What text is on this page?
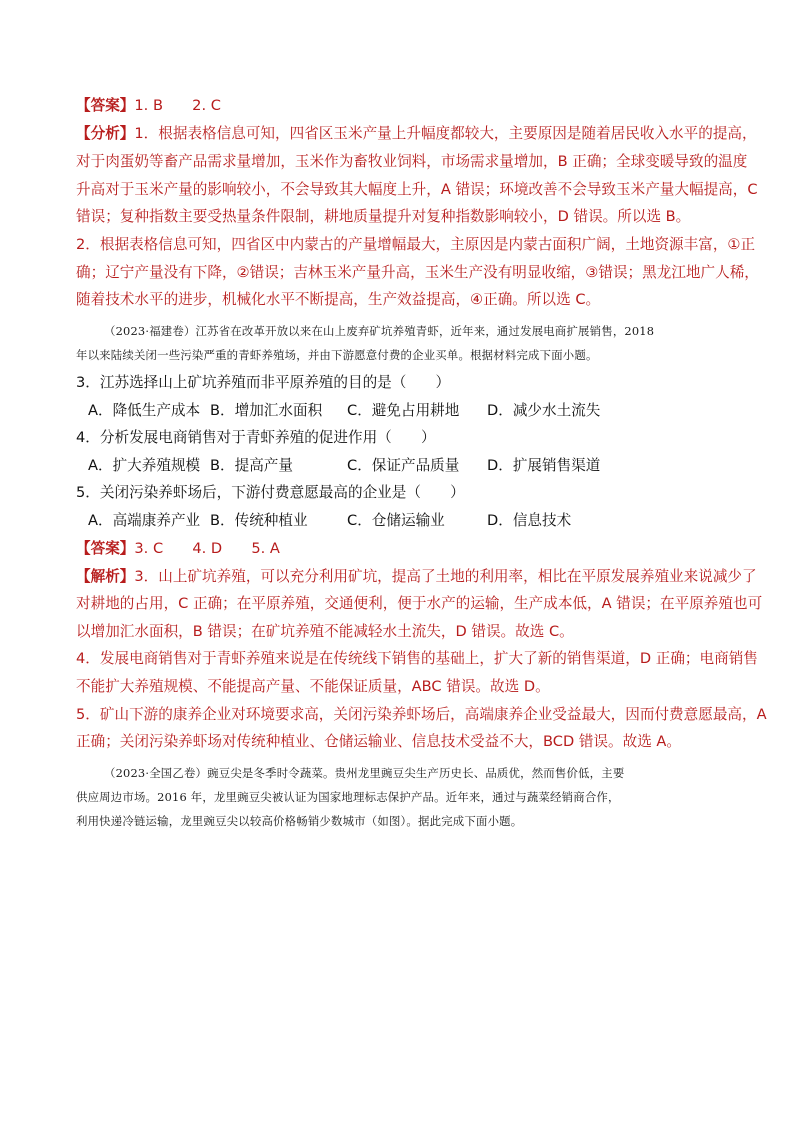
【答案】1. B　　2. C
【分析】1．根据表格信息可知，四省区玉米产量上升幅度都较大，主要原因是随着居民收入水平的提高，
对于肉蛋奶等畜产品需求量增加，玉米作为畜牧业饲料，市场需求量增加，B 正确；全球变暖导致的温度
升高对于玉米产量的影响较小，不会导致其大幅度上升，A 错误；环境改善不会导致玉米产量大幅提高，C
错误；复种指数主要受热量条件限制，耕地质量提升对复种指数影响较小，D 错误。所以选 B。
2．根据表格信息可知，四省区中内蒙古的产量增幅最大，主原因是内蒙古面积广阔，土地资源丰富，①正
确；辽宁产量没有下降，②错误；吉林玉米产量升高，玉米生产没有明显收缩，③错误；黑龙江地广人稀，
随着技术水平的进步，机械化水平不断提高，生产效益提高，④正确。所以选 C。
（2023·福建卷）江苏省在改革开放以来在山上废弃矿坑养殖青虾，近年来，通过发展电商扩展销售，2018
年以来陆续关闭一些污染严重的青虾养殖场，并由下游愿意付费的企业买单。根据材料完成下面小题。
3．江苏选择山上矿坑养殖而非平原养殖的目的是（　　）
A．降低生产成本 B．增加汇水面积 C．避免占用耕地 D．减少水土流失
4．分析发展电商销售对于青虾养殖的促进作用（　　）
A．扩大养殖规模 B．提高产量	C．保证产品质量 D．扩展销售渠道
5．关闭污染养虾场后，下游付费意愿最高的企业是（　　）
A．高端康养产业 B．传统种植业	C．仓储运输业	D．信息技术
【答案】3. C　　4. D　　5. A
【解析】3．山上矿坑养殖，可以充分利用矿坑，提高了土地的利用率，相比在平原发展养殖业来说减少了
对耕地的占用，C 正确；在平原养殖，交通便利，便于水产的运输，生产成本低，A 错误；在平原养殖也可
以增加汇水面积，B 错误；在矿坑养殖不能减轻水土流失，D 错误。故选 C。
4．发展电商销售对于青虾养殖来说是在传统线下销售的基础上，扩大了新的销售渠道，D 正确；电商销售
不能扩大养殖规模、不能提高产量、不能保证质量，ABC 错误。故选 D。
5．矿山下游的康养企业对环境要求高，关闭污染养虾场后，高端康养企业受益最大，因而付费意愿最高，A
正确；关闭污染养虾场对传统种植业、仓储运输业、信息技术受益不大，BCD 错误。故选 A。
（2023·全国乙卷）豌豆尖是冬季时令蔬菜。贵州龙里豌豆尖生产历史长、品质优，然而售价低，主要
供应周边市场。2016 年，龙里豌豆尖被认证为国家地理标志保护产品。近年来，通过与蔬菜经销商合作，
利用快递冷链运输，龙里豌豆尖以较高价格畅销少数城市（如图）。据此完成下面小题。
